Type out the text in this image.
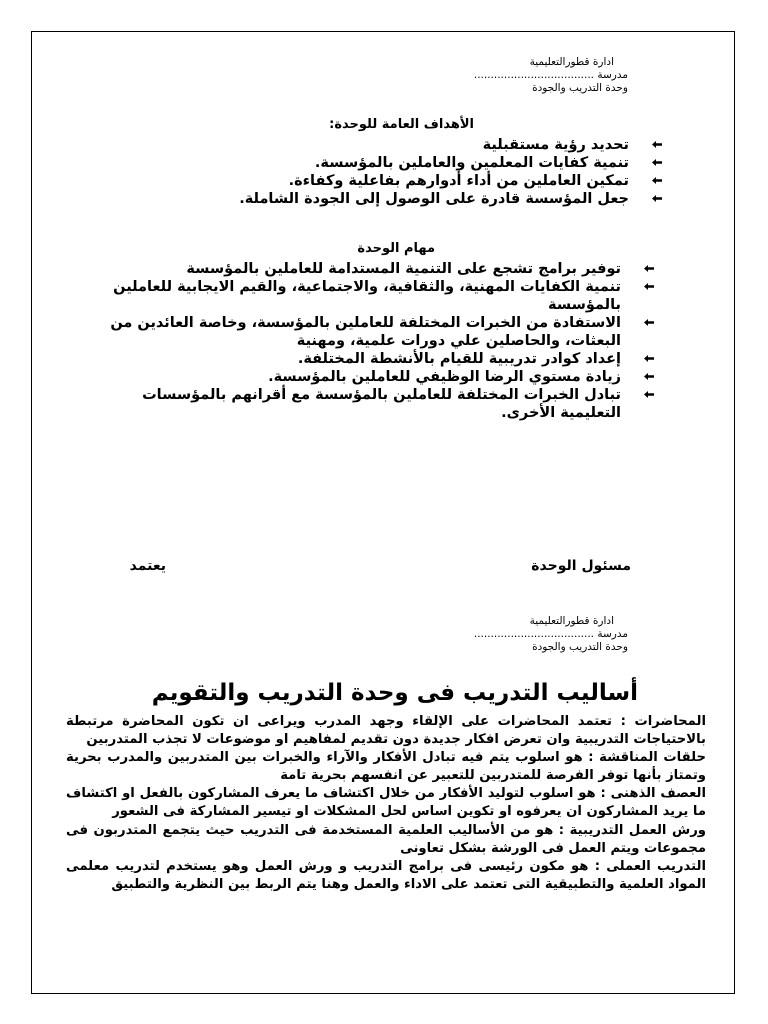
ادارة قطورالتعليمية
مدرسة ....................................
وحدة التدريب والجودة
الأهداف العامة للوحدة:
تحديد رؤية مستقبلية
تنمية كفايات المعلمين والعاملين بالمؤسسة.
تمكين العاملين من أداء أدوارهم بفاعلية وكفاءة.
جعل المؤسسة قادرة على الوصول إلى الجودة الشاملة.
مهام الوحدة
توفير برامج تشجع على التنمية المستدامة للعاملين بالمؤسسة
تنمية الكفايات المهنية، والثقافية، والاجتماعية، والقيم الايجابية للعاملين بالمؤسسة
الاستفادة من الخبرات المختلفة للعاملين بالمؤسسة، وخاصة العائدين من البعثات، والحاصلين علي دورات علمية، ومهنية
إعداد كوادر تدريبية للقيام بالأنشطة المختلفة.
زيادة مستوي الرضا الوظيفي للعاملين بالمؤسسة.
تبادل الخبرات المختلفة للعاملين بالمؤسسة مع أقرانهم بالمؤسسات التعليمية الأخرى.
مسئول الوحدة
يعتمد
ادارة قطورالتعليمية
مدرسة ....................................
وحدة التدريب والجودة
أساليب التدريب فى وحدة التدريب والتقويم

المحاضرات : تعتمد المحاضرات على الإلقاء وجهد المدرب ويراعى ان تكون المحاضرة مرتبطة بالاحتياجات التدريبية وان تعرض افكار جديدة دون تقديم لمفاهيم او موضوعات لا تجذب المتدربين

حلقات المناقشة : هو اسلوب يتم فيه تبادل الأفكار والآراء والخبرات بين المتدربين والمدرب بحرية وتمتاز بأنها توفر الفرصة للمتدربين للتعبير عن انفسهم بحرية تامة

العصف الذهنى : هو اسلوب لتوليد الأفكار من خلال اكتشاف ما يعرف المشاركون بالفعل او اكتشاف ما يريد المشاركون ان يعرفوه او تكوين اساس لحل المشكلات او تيسير المشاركة فى الشعور

ورش العمل التدريبية : هو من الأساليب العلمية المستخدمة فى التدريب حيث يتجمع المتدربون فى مجموعات ويتم العمل فى الورشة بشكل تعاونى

التدريب العملى : هو مكون رئيسى فى برامج التدريب و ورش العمل وهو يستخدم لتدريب معلمى المواد العلمية والتطبيقية التى تعتمد على الاداء والعمل وهنا يتم الربط بين النظرية والتطبيق
